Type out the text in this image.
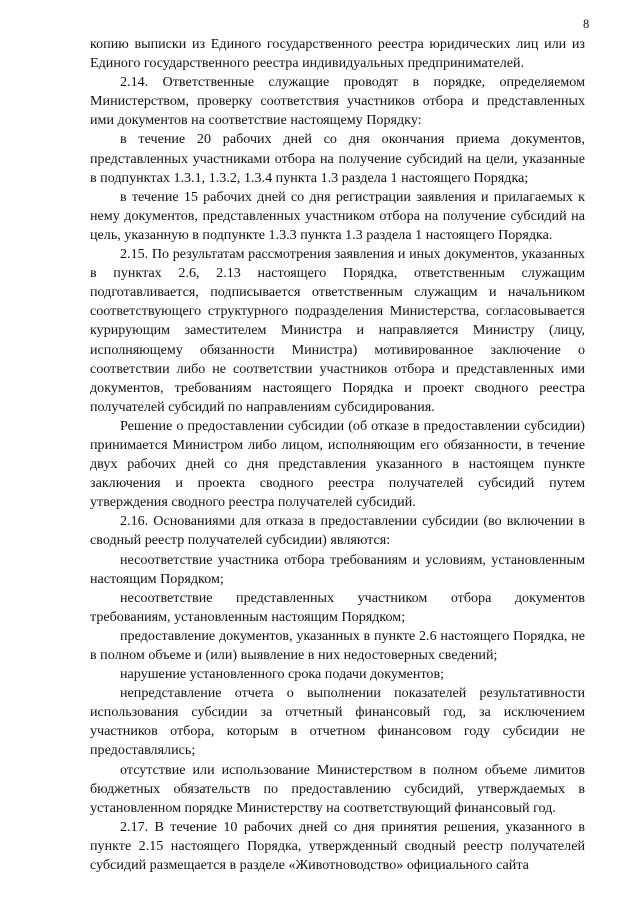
8

копию выписки из Единого государственного реестра юридических лиц или из Единого государственного реестра индивидуальных предпринимателей.

2.14. Ответственные служащие проводят в порядке, определяемом Министерством, проверку соответствия участников отбора и представленных ими документов на соответствие настоящему Порядку:

в течение 20 рабочих дней со дня окончания приема документов, представленных участниками отбора на получение субсидий на цели, указанные в подпунктах 1.3.1, 1.3.2, 1.3.4 пункта 1.3 раздела 1 настоящего Порядка;

в течение 15 рабочих дней со дня регистрации заявления и прилагаемых к нему документов, представленных участником отбора на получение субсидий на цель, указанную в подпункте 1.3.3 пункта 1.3 раздела 1 настоящего Порядка.

2.15. По результатам рассмотрения заявления и иных документов, указанных в пунктах 2.6, 2.13 настоящего Порядка, ответственным служащим подготавливается, подписывается ответственным служащим и начальником соответствующего структурного подразделения Министерства, согласовывается курирующим заместителем Министра и направляется Министру (лицу, исполняющему обязанности Министра) мотивированное заключение о соответствии либо не соответствии участников отбора и представленных ими документов, требованиям настоящего Порядка и проект сводного реестра получателей субсидий по направлениям субсидирования.

Решение о предоставлении субсидии (об отказе в предоставлении субсидии) принимается Министром либо лицом, исполняющим его обязанности, в течение двух рабочих дней со дня представления указанного в настоящем пункте заключения и проекта сводного реестра получателей субсидий путем утверждения сводного реестра получателей субсидий.

2.16. Основаниями для отказа в предоставлении субсидии (во включении в сводный реестр получателей субсидии) являются:

несоответствие участника отбора требованиям и условиям, установленным настоящим Порядком;

несоответствие представленных участником отбора документов требованиям, установленным настоящим Порядком;

предоставление документов, указанных в пункте 2.6 настоящего Порядка, не в полном объеме и (или) выявление в них недостоверных сведений;

нарушение установленного срока подачи документов;

непредставление отчета о выполнении показателей результативности использования субсидии за отчетный финансовый год, за исключением участников отбора, которым в отчетном финансовом году субсидии не предоставлялись;

отсутствие или использование Министерством в полном объеме лимитов бюджетных обязательств по предоставлению субсидий, утверждаемых в установленном порядке Министерству на соответствующий финансовый год.

2.17. В течение 10 рабочих дней со дня принятия решения, указанного в пункте 2.15 настоящего Порядка, утвержденный сводный реестр получателей субсидий размещается в разделе «Животноводство» официального сайта
